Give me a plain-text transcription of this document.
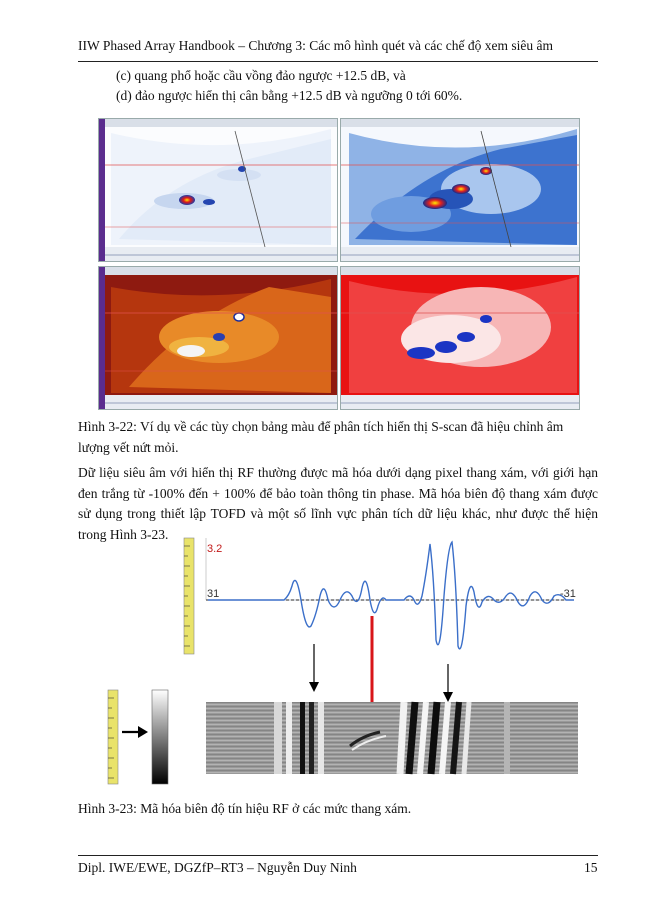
IIW Phased Array Handbook – Chương 3: Các mô hình quét và các chế độ xem siêu âm
(c) quang phổ hoặc cầu vồng đảo ngược +12.5 dB, và
(d) đảo ngược hiển thị cân bằng +12.5 dB và ngưỡng 0 tới 60%.
Hình 3-22: Ví dụ về các tùy chọn bảng màu để phân tích hiển thị S-scan đã hiệu chỉnh âm lượng vết nứt mỏi.
Dữ liệu siêu âm với hiển thị RF thường được mã hóa dưới dạng pixel thang xám, với giới hạn đen trắng từ -100% đến + 100% để bảo toàn thông tin phase. Mã hóa biên độ thang xám được sử dụng trong thiết lập TOFD và một số lĩnh vực phân tích dữ liệu khác, như được thể hiện trong Hình 3-23.
3.2
31	-31
Hình 3-23: Mã hóa biên độ tín hiệu RF ở các mức thang xám.
Dipl. IWE/EWE, DGZfP–RT3 – Nguyễn Duy Ninh	15
